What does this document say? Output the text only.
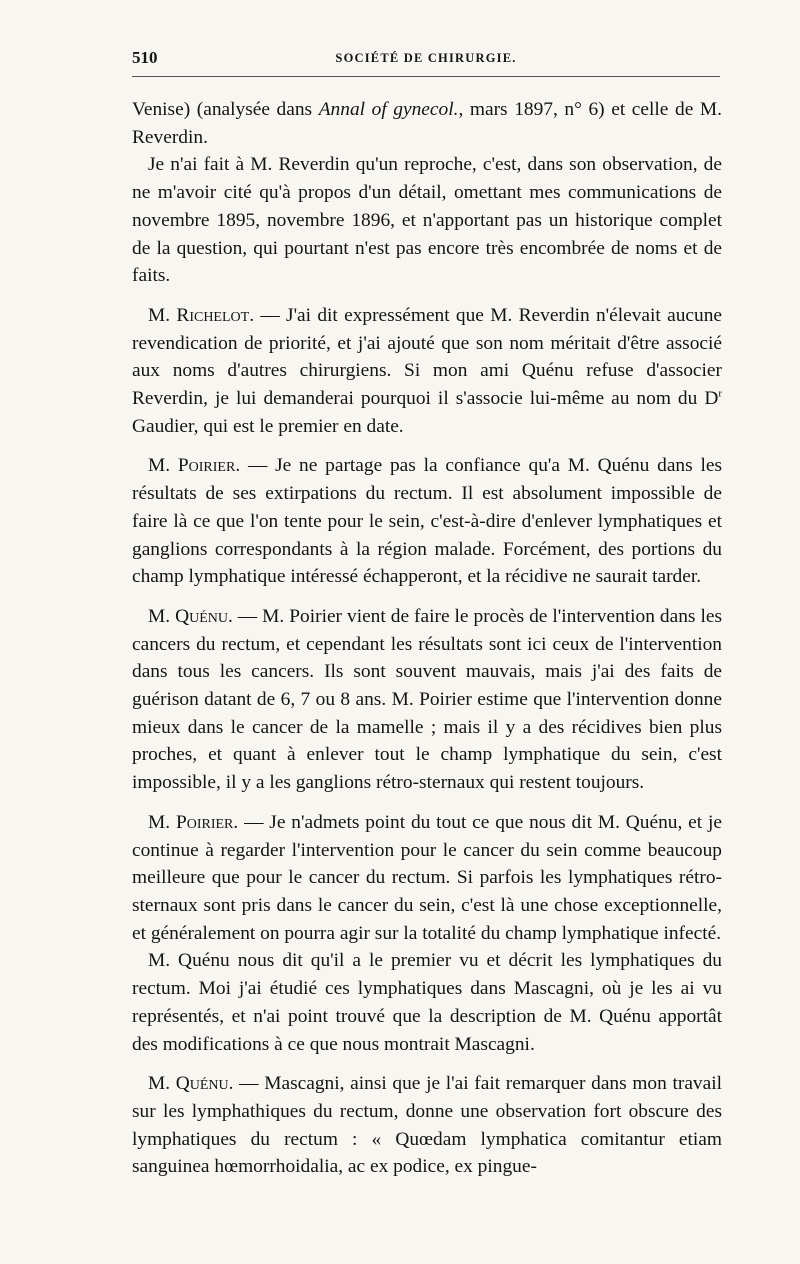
510	SOCIÉTÉ DE CHIRURGIE.

Venise) (analysée dans Annal of gynecol., mars 1897, n° 6) et celle de M. Reverdin.

Je n'ai fait à M. Reverdin qu'un reproche, c'est, dans son observation, de ne m'avoir cité qu'à propos d'un détail, omettant mes communications de novembre 1895, novembre 1896, et n'apportant pas un historique complet de la question, qui pourtant n'est pas encore très encombrée de noms et de faits.

M. Richelot. — J'ai dit expressément que M. Reverdin n'élevait aucune revendication de priorité, et j'ai ajouté que son nom méritait d'être associé aux noms d'autres chirurgiens. Si mon ami Quénu refuse d'associer Reverdin, je lui demanderai pourquoi il s'associe lui-même au nom du $D^r$ Gaudier, qui est le premier en date.

M. Poirier. — Je ne partage pas la confiance qu'a M. Quénu dans les résultats de ses extirpations du rectum. Il est absolument impossible de faire là ce que l'on tente pour le sein, c'est-à-dire d'enlever lymphatiques et ganglions correspondants à la région malade. Forcément, des portions du champ lymphatique intéressé échapperont, et la récidive ne saurait tarder.

M. Quénu. — M. Poirier vient de faire le procès de l'intervention dans les cancers du rectum, et cependant les résultats sont ici ceux de l'intervention dans tous les cancers. Ils sont souvent mauvais, mais j'ai des faits de guérison datant de 6, 7 ou 8 ans. M. Poirier estime que l'intervention donne mieux dans le cancer de la mamelle ; mais il y a des récidives bien plus proches, et quant à enlever tout le champ lymphatique du sein, c'est impossible, il y a les ganglions rétro-sternaux qui restent toujours.

M. Poirier. — Je n'admets point du tout ce que nous dit M. Quénu, et je continue à regarder l'intervention pour le cancer du sein comme beaucoup meilleure que pour le cancer du rectum. Si parfois les lymphatiques rétro-sternaux sont pris dans le cancer du sein, c'est là une chose exceptionnelle, et généralement on pourra agir sur la totalité du champ lymphatique infecté.

M. Quénu nous dit qu'il a le premier vu et décrit les lymphatiques du rectum. Moi j'ai étudié ces lymphatiques dans Mascagni, où je les ai vu représentés, et n'ai point trouvé que la description de M. Quénu apportât des modifications à ce que nous montrait Mascagni.

M. Quénu. — Mascagni, ainsi que je l'ai fait remarquer dans mon travail sur les lymphathiques du rectum, donne une observation fort obscure des lymphatiques du rectum : « Quœdam lymphatica comitantur etiam sanguinea hœmorrhoidalia, ac ex podice, ex pingue-
